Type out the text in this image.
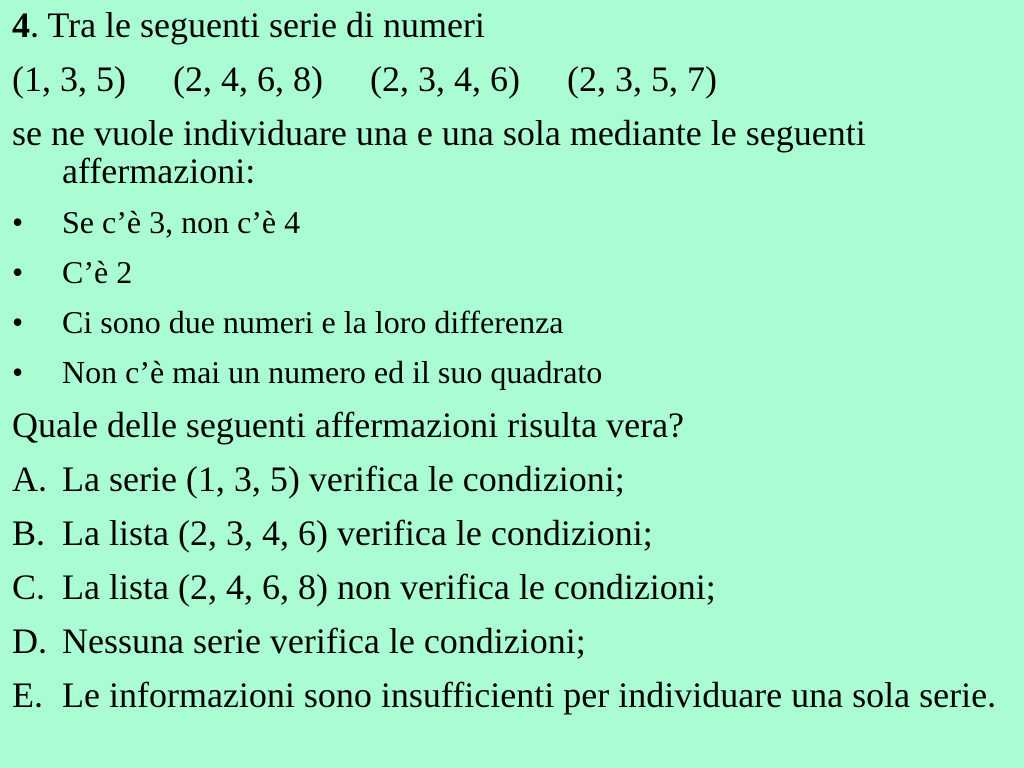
4. Tra le seguenti serie di numeri
(1, 3, 5) (2, 4, 6, 8) (2, 3, 4, 6) (2, 3, 5, 7)
se ne vuole individuare una e una sola mediante le seguenti affermazioni:
•	Se c’è 3, non c’è 4
•	C’è 2
•	Ci sono due numeri e la loro differenza
•	Non c’è mai un numero ed il suo quadrato
Quale delle seguenti affermazioni risulta vera?
A. La serie (1, 3, 5) verifica le condizioni;
B. La lista (2, 3, 4, 6) verifica le condizioni;
C. La lista (2, 4, 6, 8) non verifica le condizioni;
D. Nessuna serie verifica le condizioni;
E. Le informazioni sono insufficienti per individuare una sola serie.
